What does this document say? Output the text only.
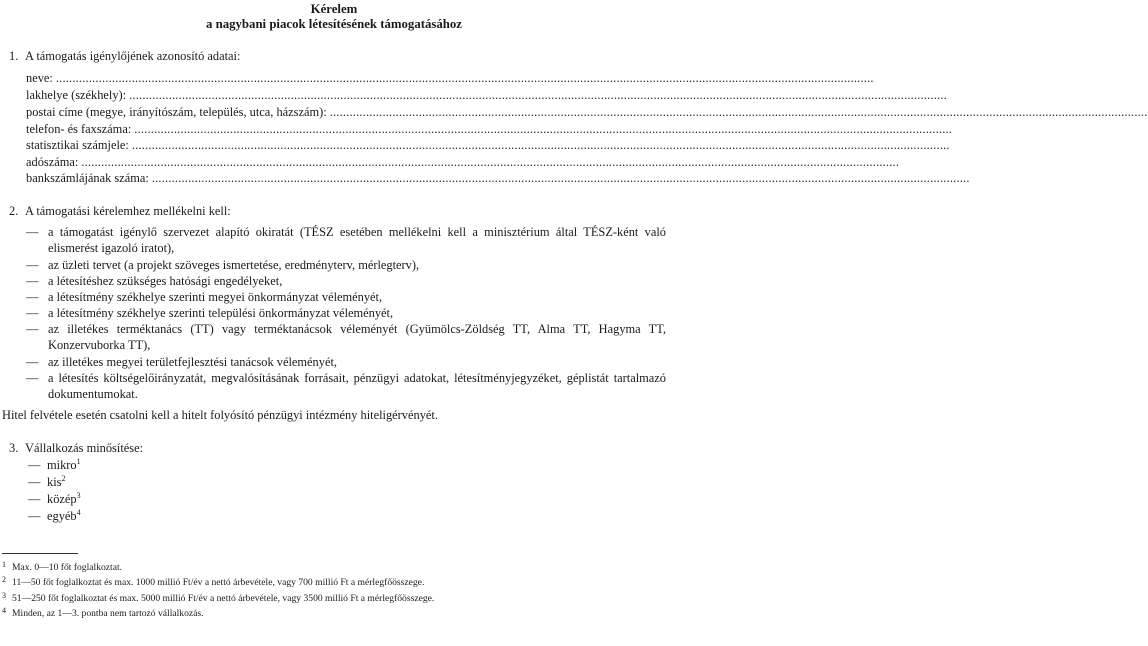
Kérelem
a nagybani piacok létesítésének támogatásához
1. A támogatás igénylőjének azonosító adatai:
neve: ........................................................................................................................................................................................................................................................
lakhelye (székhely): ........................................................................................................................................................................................................................................................
postai címe (megye, irányítószám, település, utca, házszám): ........................................................................................................................................................................................................................................................
telefon- és faxszáma: ........................................................................................................................................................................................................................................................
statisztikai számjele: ........................................................................................................................................................................................................................................................
adószáma: ........................................................................................................................................................................................................................................................
bankszámlájának száma: ........................................................................................................................................................................................................................................................
2. A támogatási kérelemhez mellékelni kell:
— a támogatást igénylő szervezet alapító okiratát (TÉSZ esetében mellékelni kell a minisztérium által TÉSZ-ként való elismerést igazoló iratot),
— az üzleti tervet (a projekt szöveges ismertetése, eredményterv, mérlegterv),
— a létesítéshez szükséges hatósági engedélyeket,
— a létesítmény székhelye szerinti megyei önkormányzat véleményét,
— a létesítmény székhelye szerinti települési önkormányzat véleményét,
— az illetékes terméktanács (TT) vagy terméktanácsok véleményét (Gyümölcs-Zöldség TT, Alma TT, Hagyma TT, Konzervuborka TT),
— az illetékes megyei területfejlesztési tanácsok véleményét,
— a létesítés költségelőirányzatát, megvalósításának forrásait, pénzügyi adatokat, létesítményjegyzéket, géplistát tartalmazó dokumentumokat.
Hitel felvétele esetén csatolni kell a hitelt folyósító pénzügyi intézmény hiteligérvényét.
3. Vállalkozás minősítése:
— mikro$^1$
— kis$^2$
— közép$^3$
— egyéb$^4$
1 Max. 0—10 főt foglalkoztat.
2 11—50 főt foglalkoztat és max. 1000 millió Ft/év a nettó árbevétele, vagy 700 millió Ft a mérlegfőösszege.
3 51—250 főt foglalkoztat és max. 5000 millió Ft/év a nettó árbevétele, vagy 3500 millió Ft a mérlegfőösszege.
4 Minden, az 1—3. pontba nem tartozó vállalkozás.
